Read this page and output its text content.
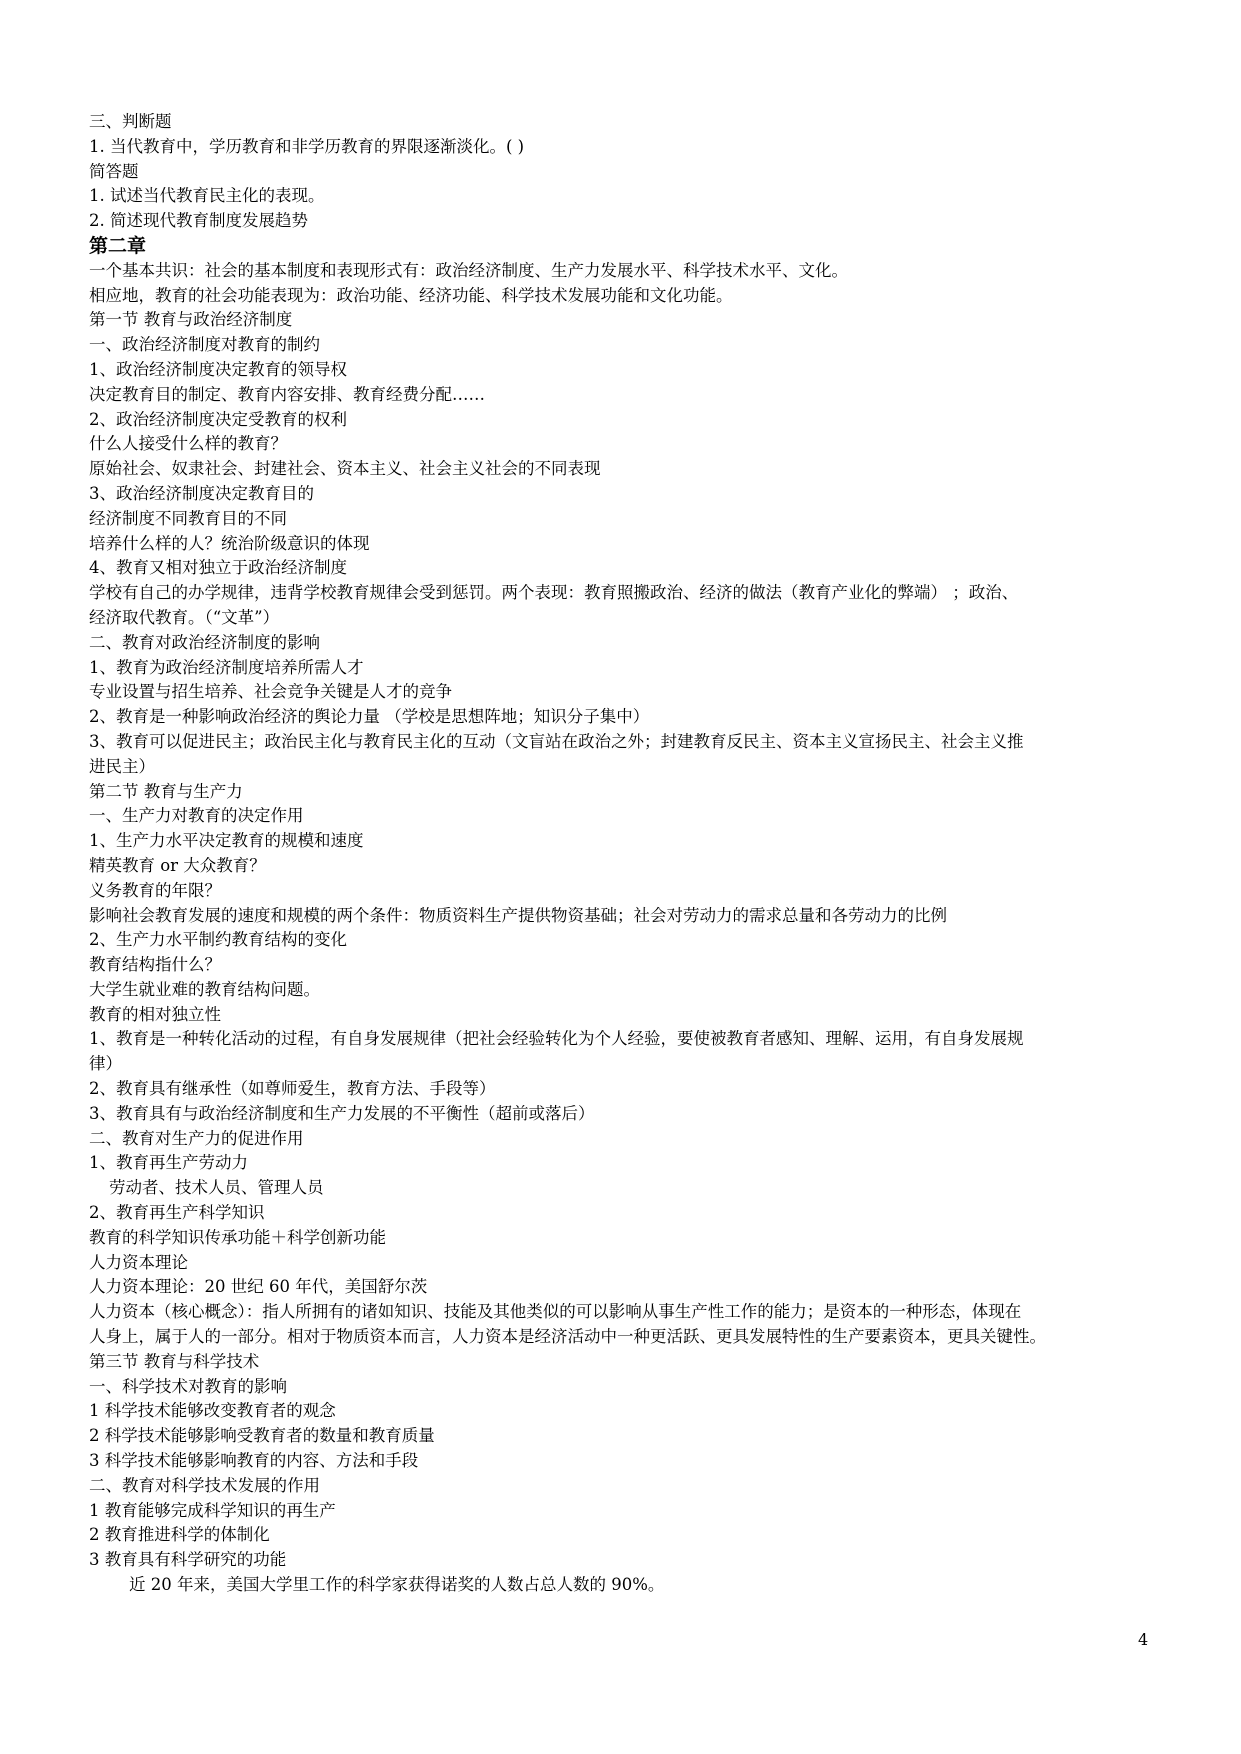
三、判断题

1. 当代教育中，学历教育和非学历教育的界限逐渐淡化。( )

简答题

1. 试述当代教育民主化的表现。

2. 简述现代教育制度发展趋势

第二章

一个基本共识：社会的基本制度和表现形式有：政治经济制度、生产力发展水平、科学技术水平、文化。

相应地，教育的社会功能表现为：政治功能、经济功能、科学技术发展功能和文化功能。

第一节 教育与政治经济制度

一、政治经济制度对教育的制约

1、政治经济制度决定教育的领导权

决定教育目的制定、教育内容安排、教育经费分配……

2、政治经济制度决定受教育的权利

什么人接受什么样的教育？

原始社会、奴隶社会、封建社会、资本主义、社会主义社会的不同表现

3、政治经济制度决定教育目的

经济制度不同教育目的不同

培养什么样的人？统治阶级意识的体现

4、教育又相对独立于政治经济制度

学校有自己的办学规律，违背学校教育规律会受到惩罚。两个表现：教育照搬政治、经济的做法（教育产业化的弊端） ；政治、

经济取代教育。（“文革”）

二、教育对政治经济制度的影响

1、教育为政治经济制度培养所需人才

专业设置与招生培养、社会竞争关键是人才的竞争

2、教育是一种影响政治经济的舆论力量 （学校是思想阵地；知识分子集中）

3、教育可以促进民主；政治民主化与教育民主化的互动（文盲站在政治之外；封建教育反民主、资本主义宣扬民主、社会主义推

进民主）

第二节 教育与生产力

一、生产力对教育的决定作用

1、生产力水平决定教育的规模和速度

精英教育 or 大众教育？

义务教育的年限？

影响社会教育发展的速度和规模的两个条件：物质资料生产提供物资基础；社会对劳动力的需求总量和各劳动力的比例

2、生产力水平制约教育结构的变化

教育结构指什么？

大学生就业难的教育结构问题。

教育的相对独立性

1、教育是一种转化活动的过程，有自身发展规律（把社会经验转化为个人经验，要使被教育者感知、理解、运用，有自身发展规

律）

2、教育具有继承性（如尊师爱生，教育方法、手段等）

3、教育具有与政治经济制度和生产力发展的不平衡性（超前或落后）

二、教育对生产力的促进作用

1、教育再生产劳动力

劳动者、技术人员、管理人员

2、教育再生产科学知识

教育的科学知识传承功能＋科学创新功能

人力资本理论

人力资本理论：20 世纪 60 年代，美国舒尔茨

人力资本（核心概念）：指人所拥有的诸如知识、技能及其他类似的可以影响从事生产性工作的能力；是资本的一种形态，体现在

人身上，属于人的一部分。相对于物质资本而言，人力资本是经济活动中一种更活跃、更具发展特性的生产要素资本，更具关键性。

第三节 教育与科学技术

一、科学技术对教育的影响

1 科学技术能够改变教育者的观念

2 科学技术能够影响受教育者的数量和教育质量

3 科学技术能够影响教育的内容、方法和手段

二、教育对科学技术发展的作用

1 教育能够完成科学知识的再生产

2 教育推进科学的体制化

3 教育具有科学研究的功能

近 20 年来，美国大学里工作的科学家获得诺奖的人数占总人数的 90%。

4
